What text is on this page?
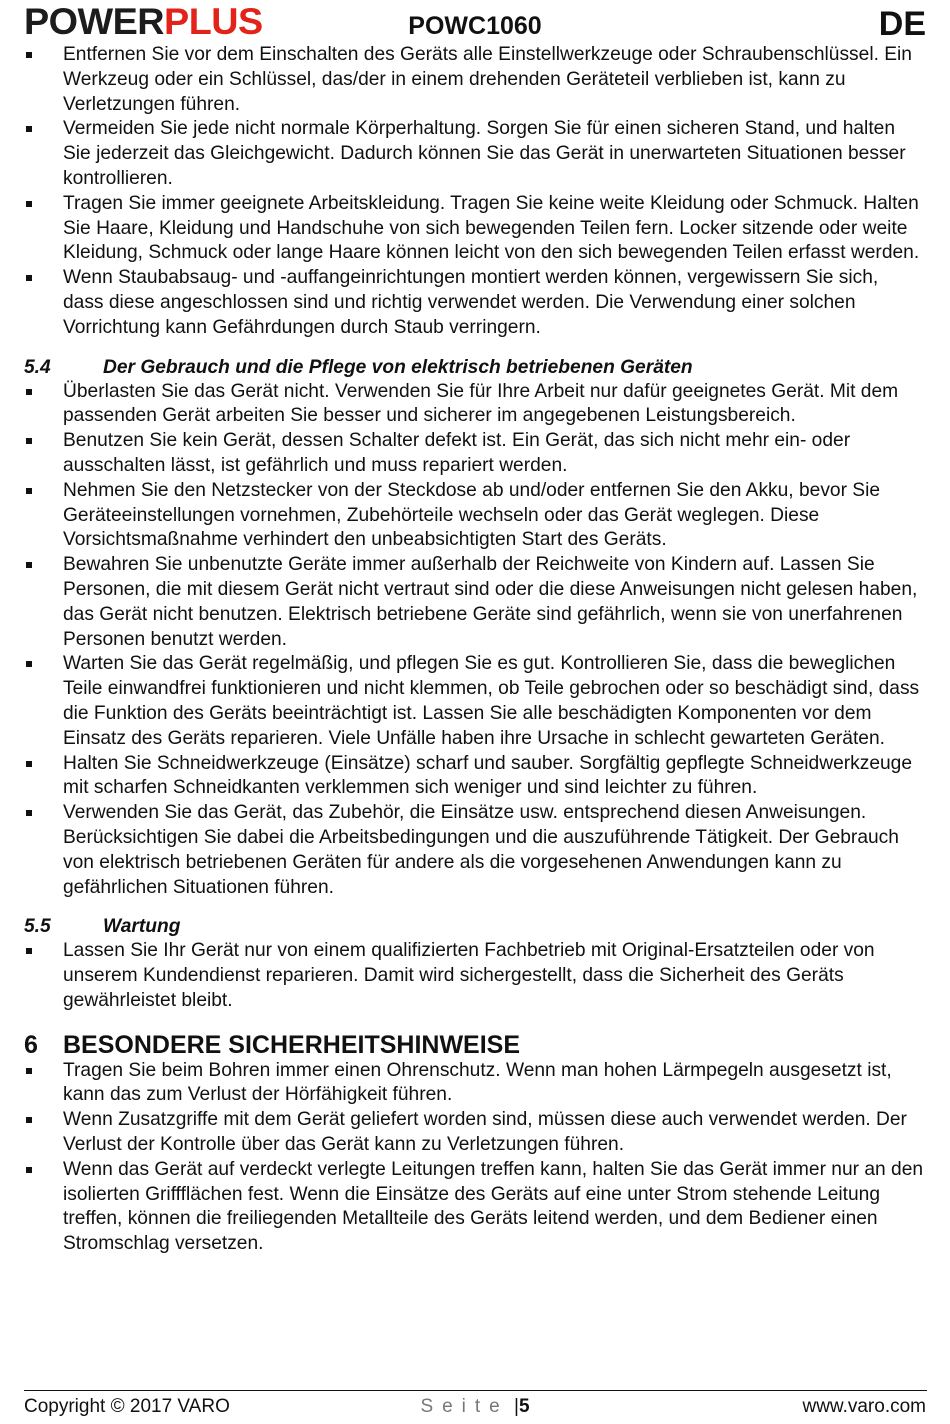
POWERPLUS	POWC1060	DE
Entfernen Sie vor dem Einschalten des Geräts alle Einstellwerkzeuge oder Schraubenschlüssel. Ein Werkzeug oder ein Schlüssel, das/der in einem drehenden Geräteteil verblieben ist, kann zu Verletzungen führen.
Vermeiden Sie jede nicht normale Körperhaltung. Sorgen Sie für einen sicheren Stand, und halten Sie jederzeit das Gleichgewicht. Dadurch können Sie das Gerät in unerwarteten Situationen besser kontrollieren.
Tragen Sie immer geeignete Arbeitskleidung. Tragen Sie keine weite Kleidung oder Schmuck. Halten Sie Haare, Kleidung und Handschuhe von sich bewegenden Teilen fern. Locker sitzende oder weite Kleidung, Schmuck oder lange Haare können leicht von den sich bewegenden Teilen erfasst werden.
Wenn Staubabsaug- und -auffangeinrichtungen montiert werden können, vergewissern Sie sich, dass diese angeschlossen sind und richtig verwendet werden. Die Verwendung einer solchen Vorrichtung kann Gefährdungen durch Staub verringern.
5.4	Der Gebrauch und die Pflege von elektrisch betriebenen Geräten
Überlasten Sie das Gerät nicht. Verwenden Sie für Ihre Arbeit nur dafür geeignetes Gerät. Mit dem passenden Gerät arbeiten Sie besser und sicherer im angegebenen Leistungsbereich.
Benutzen Sie kein Gerät, dessen Schalter defekt ist. Ein Gerät, das sich nicht mehr ein- oder ausschalten lässt, ist gefährlich und muss repariert werden.
Nehmen Sie den Netzstecker von der Steckdose ab und/oder entfernen Sie den Akku, bevor Sie Geräteeinstellungen vornehmen, Zubehörteile wechseln oder das Gerät weglegen. Diese Vorsichtsmaßnahme verhindert den unbeabsichtigten Start des Geräts.
Bewahren Sie unbenutzte Geräte immer außerhalb der Reichweite von Kindern auf. Lassen Sie Personen, die mit diesem Gerät nicht vertraut sind oder die diese Anweisungen nicht gelesen haben, das Gerät nicht benutzen. Elektrisch betriebene Geräte sind gefährlich, wenn sie von unerfahrenen Personen benutzt werden.
Warten Sie das Gerät regelmäßig, und pflegen Sie es gut. Kontrollieren Sie, dass die beweglichen Teile einwandfrei funktionieren und nicht klemmen, ob Teile gebrochen oder so beschädigt sind, dass die Funktion des Geräts beeinträchtigt ist. Lassen Sie alle beschädigten Komponenten vor dem Einsatz des Geräts reparieren. Viele Unfälle haben ihre Ursache in schlecht gewarteten Geräten.
Halten Sie Schneidwerkzeuge (Einsätze) scharf und sauber. Sorgfältig gepflegte Schneidwerkzeuge mit scharfen Schneidkanten verklemmen sich weniger und sind leichter zu führen.
Verwenden Sie das Gerät, das Zubehör, die Einsätze usw. entsprechend diesen Anweisungen. Berücksichtigen Sie dabei die Arbeitsbedingungen und die auszuführende Tätigkeit. Der Gebrauch von elektrisch betriebenen Geräten für andere als die vorgesehenen Anwendungen kann zu gefährlichen Situationen führen.
5.5	Wartung
Lassen Sie Ihr Gerät nur von einem qualifizierten Fachbetrieb mit Original-Ersatzteilen oder von unserem Kundendienst reparieren. Damit wird sichergestellt, dass die Sicherheit des Geräts gewährleistet bleibt.
6 BESONDERE SICHERHEITSHINWEISE
Tragen Sie beim Bohren immer einen Ohrenschutz. Wenn man hohen Lärmpegeln ausgesetzt ist, kann das zum Verlust der Hörfähigkeit führen.
Wenn Zusatzgriffe mit dem Gerät geliefert worden sind, müssen diese auch verwendet werden. Der Verlust der Kontrolle über das Gerät kann zu Verletzungen führen.
Wenn das Gerät auf verdeckt verlegte Leitungen treffen kann, halten Sie das Gerät immer nur an den isolierten Griffflächen fest. Wenn die Einsätze des Geräts auf eine unter Strom stehende Leitung treffen, können die freiliegenden Metallteile des Geräts leitend werden, und dem Bediener einen Stromschlag versetzen.
Copyright © 2017 VARO	Seite |5	www.varo.com
